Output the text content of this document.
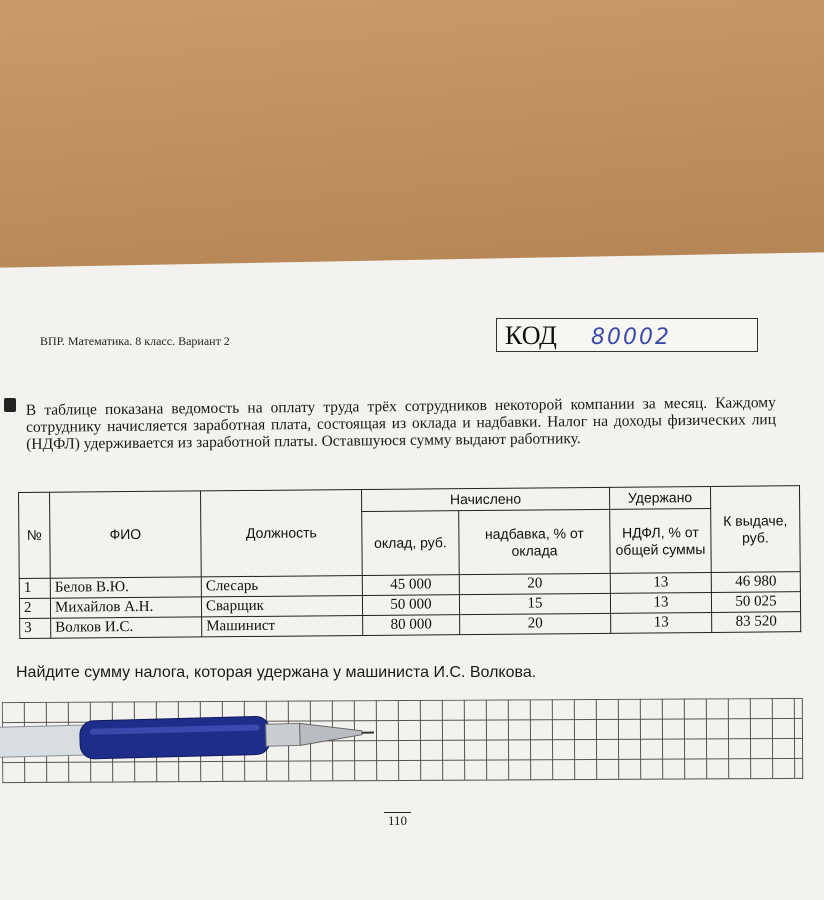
ВПР. Математика. 8 класс. Вариант 2	КОД 80002
В таблице показана ведомость на оплату труда трёх сотрудников некоторой компании за месяц. Каждому сотруднику начисляется заработная плата, состоящая из оклада и надбавки. Налог на доходы физических лиц (НДФЛ) удерживается из заработной платы. Оставшуюся сумму выдают работнику.
№	ФИО	Должность	Начислено		Удержано	К выдаче, руб.
			оклад, руб.	надбавка, % от оклада	НДФЛ, % от общей суммы	
1	Белов В.Ю.	Слесарь	45 000	20	13	46 980
2	Михайлов А.Н.	Сварщик	50 000	15	13	50 025
3	Волков И.С.	Машинист	80 000	20	13	83 520
Найдите сумму налога, которая удержана у машиниста И.С. Волкова.
110
